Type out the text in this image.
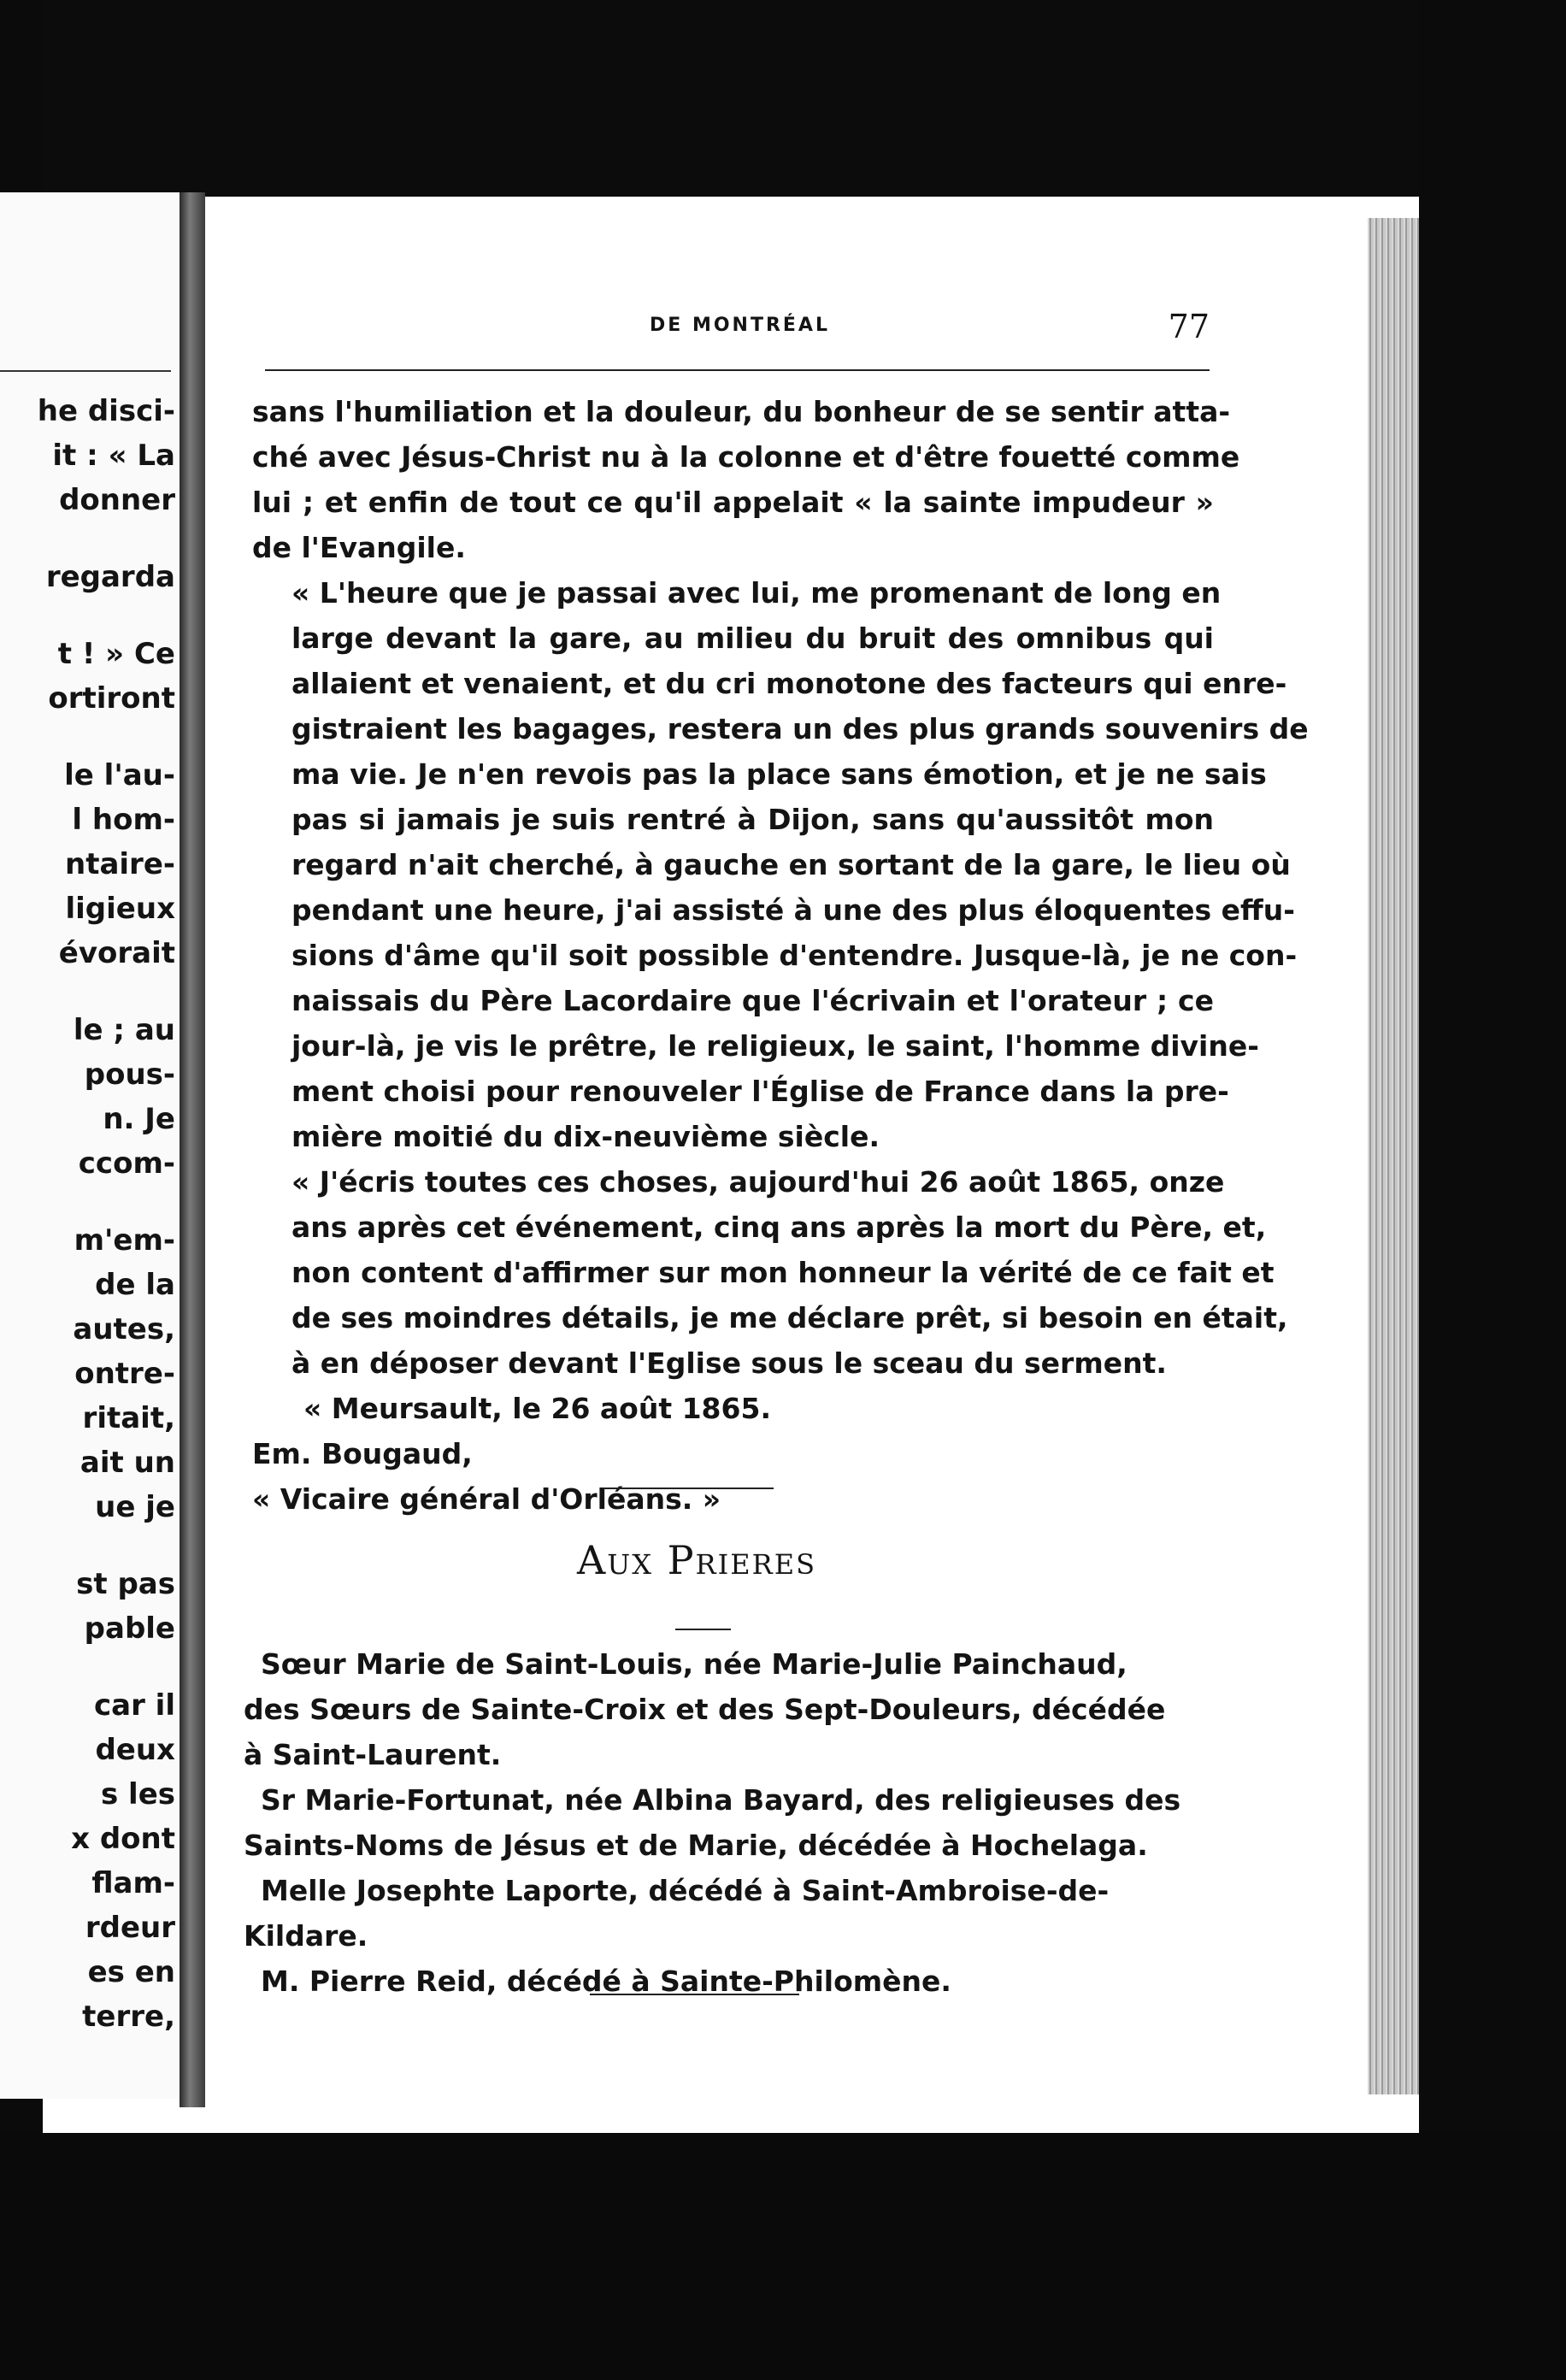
he disci-
it : « La
donner
regarda
t ! » Ce
ortiront
le l'au-
l hom-
ntaire-
ligieux
évorait
le ; au
pous-
n. Je
ccom-
m'em-
de la
autes,
ontre-
ritait,
ait un
ue je
st pas
pable
car il
deux
s les
x dont
flam-
rdeur
es en
terre,
DE MONTRÉAL	77

sans l'humiliation et la douleur, du bonheur de se sentir atta-
ché avec Jésus-Christ nu à la colonne et d'être fouetté comme
lui ; et enfin de tout ce qu'il appelait « la sainte impudeur »
de l'Evangile.

« L'heure que je passai avec lui, me promenant de long en
large devant la gare, au milieu du bruit des omnibus qui
allaient et venaient, et du cri monotone des facteurs qui enre-
gistraient les bagages, restera un des plus grands souvenirs de
ma vie. Je n'en revois pas la place sans émotion, et je ne sais
pas si jamais je suis rentré à Dijon, sans qu'aussitôt mon
regard n'ait cherché, à gauche en sortant de la gare, le lieu où
pendant une heure, j'ai assisté à une des plus éloquentes effu-
sions d'âme qu'il soit possible d'entendre. Jusque-là, je ne con-
naissais du Père Lacordaire que l'écrivain et l'orateur ; ce
jour-là, je vis le prêtre, le religieux, le saint, l'homme divine-
ment choisi pour renouveler l'Église de France dans la pre-
mière moitié du dix-neuvième siècle.

« J'écris toutes ces choses, aujourd'hui 26 août 1865, onze
ans après cet événement, cinq ans après la mort du Père, et,
non content d'affirmer sur mon honneur la vérité de ce fait et
de ses moindres détails, je me déclare prêt, si besoin en était,
à en déposer devant l'Eglise sous le sceau du serment.

« Meursault, le 26 août 1865.

Em. Bougaud,

« Vicaire général d'Orléans. »

Aux Prieres

Sœur Marie de Saint-Louis, née Marie-Julie Painchaud, des Sœurs de Sainte-Croix et des Sept-Douleurs, décédée à Saint-Laurent.

Sr Marie-Fortunat, née Albina Bayard, des religieuses des Saints-Noms de Jésus et de Marie, décédée à Hochelaga.

Melle Josephte Laporte, décédé à Saint-Ambroise-de-Kildare.

M. Pierre Reid, décédé à Sainte-Philomène.
